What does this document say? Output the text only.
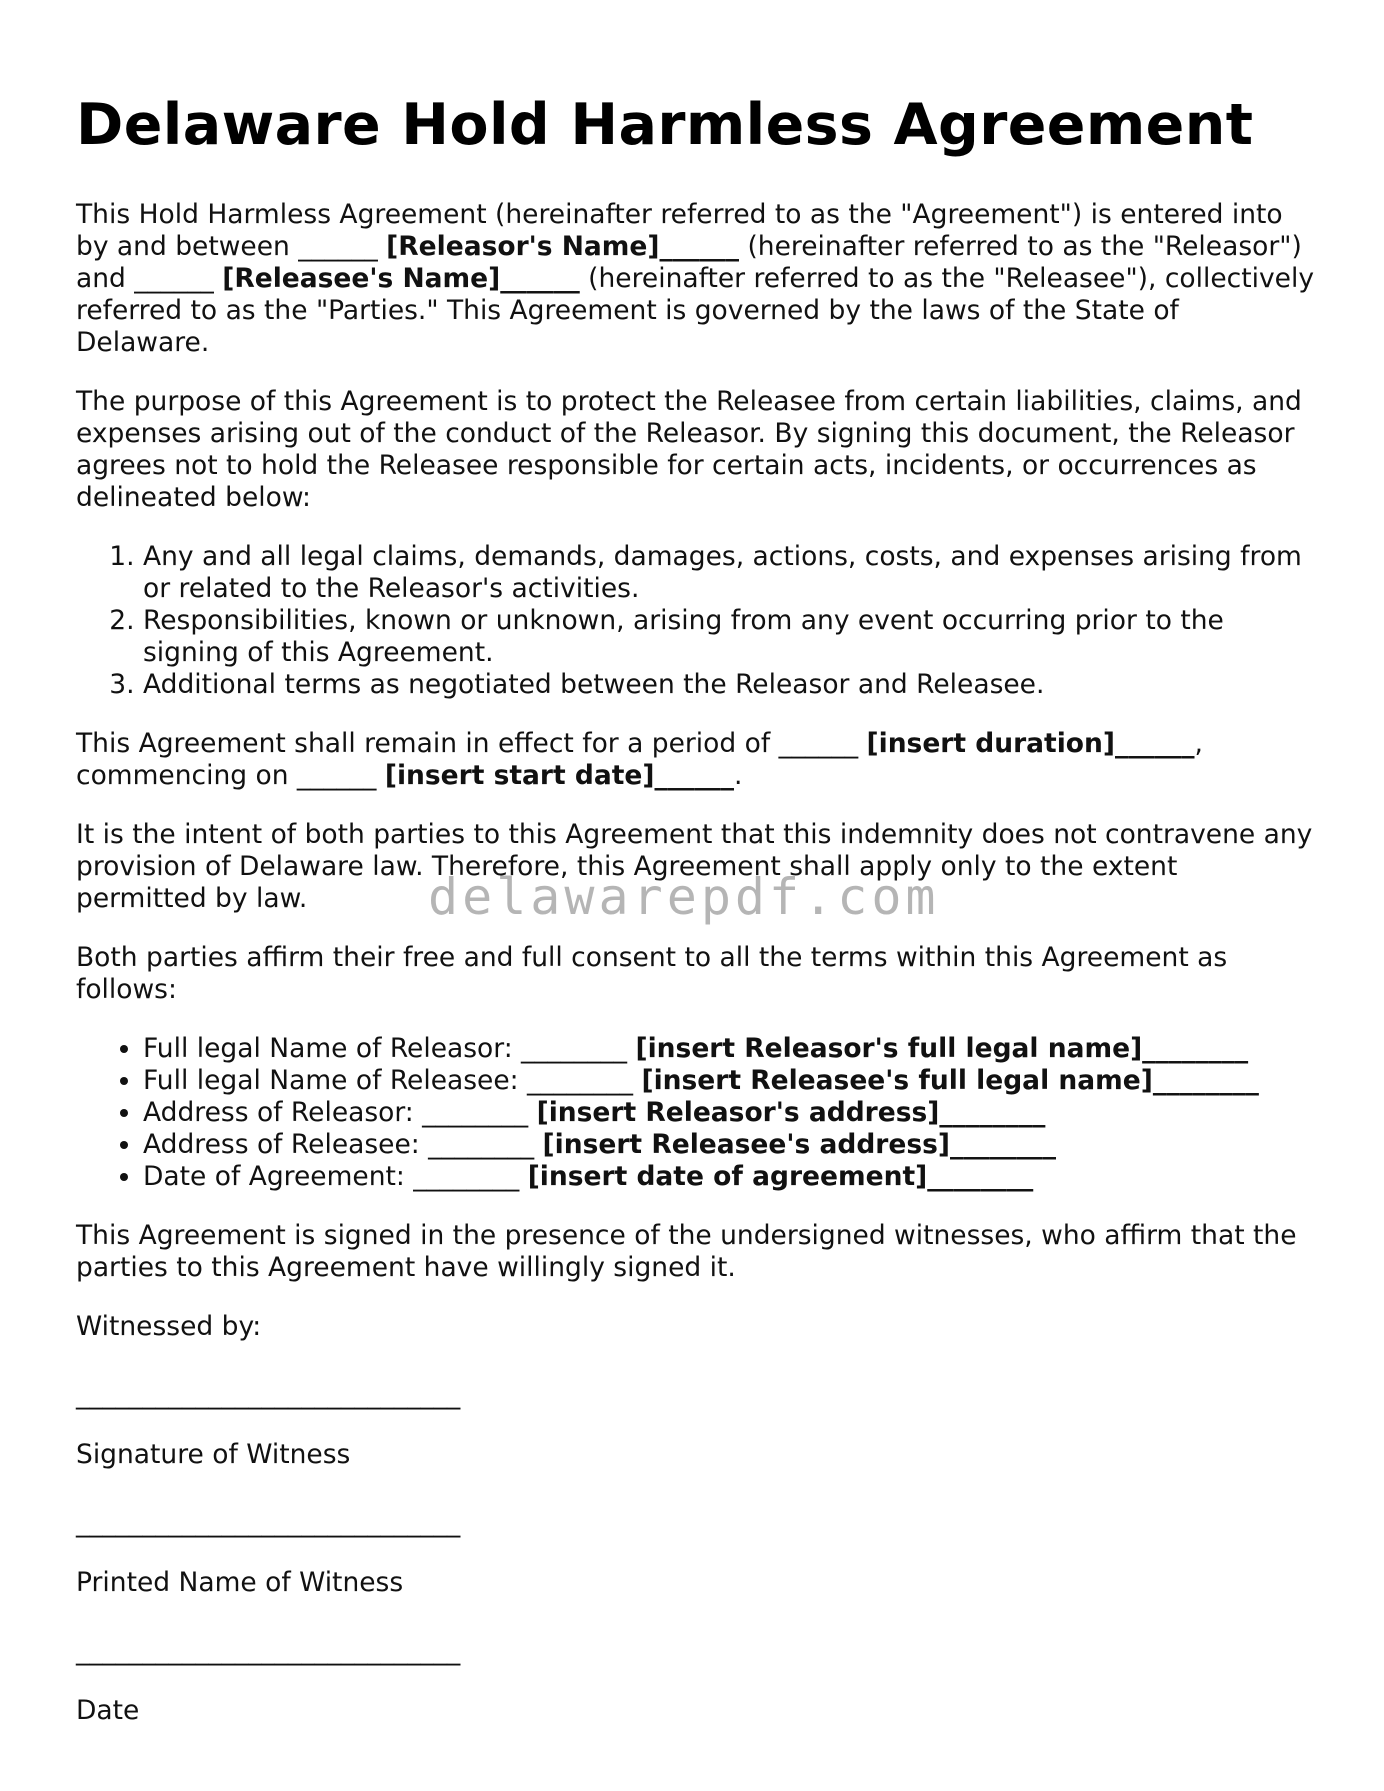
Delaware Hold Harmless Agreement

This Hold Harmless Agreement (hereinafter referred to as the "Agreement") is entered into by and between ______ [Releasor's Name]______ (hereinafter referred to as the "Releasor") and ______ [Releasee's Name]______ (hereinafter referred to as the "Releasee"), collectively referred to as the "Parties." This Agreement is governed by the laws of the State of Delaware.

The purpose of this Agreement is to protect the Releasee from certain liabilities, claims, and expenses arising out of the conduct of the Releasor. By signing this document, the Releasor agrees not to hold the Releasee responsible for certain acts, incidents, or occurrences as delineated below:

1. Any and all legal claims, demands, damages, actions, costs, and expenses arising from or related to the Releasor's activities.
2. Responsibilities, known or unknown, arising from any event occurring prior to the signing of this Agreement.
3. Additional terms as negotiated between the Releasor and Releasee.

This Agreement shall remain in effect for a period of ______ [insert duration]______, commencing on ______ [insert start date]______.

It is the intent of both parties to this Agreement that this indemnity does not contravene any provision of Delaware law. Therefore, this Agreement shall apply only to the extent permitted by law.

Both parties affirm their free and full consent to all the terms within this Agreement as follows:

• Full legal Name of Releasor: ________ [insert Releasor's full legal name]________
• Full legal Name of Releasee: ________ [insert Releasee's full legal name]________
• Address of Releasor: ________ [insert Releasor's address]________
• Address of Releasee: ________ [insert Releasee's address]________
• Date of Agreement: ________ [insert date of agreement]________

This Agreement is signed in the presence of the undersigned witnesses, who affirm that the parties to this Agreement have willingly signed it.

Witnessed by:

_____________________________
Signature of Witness
_____________________________
Printed Name of Witness
_____________________________
Date
delawarepdf.com
